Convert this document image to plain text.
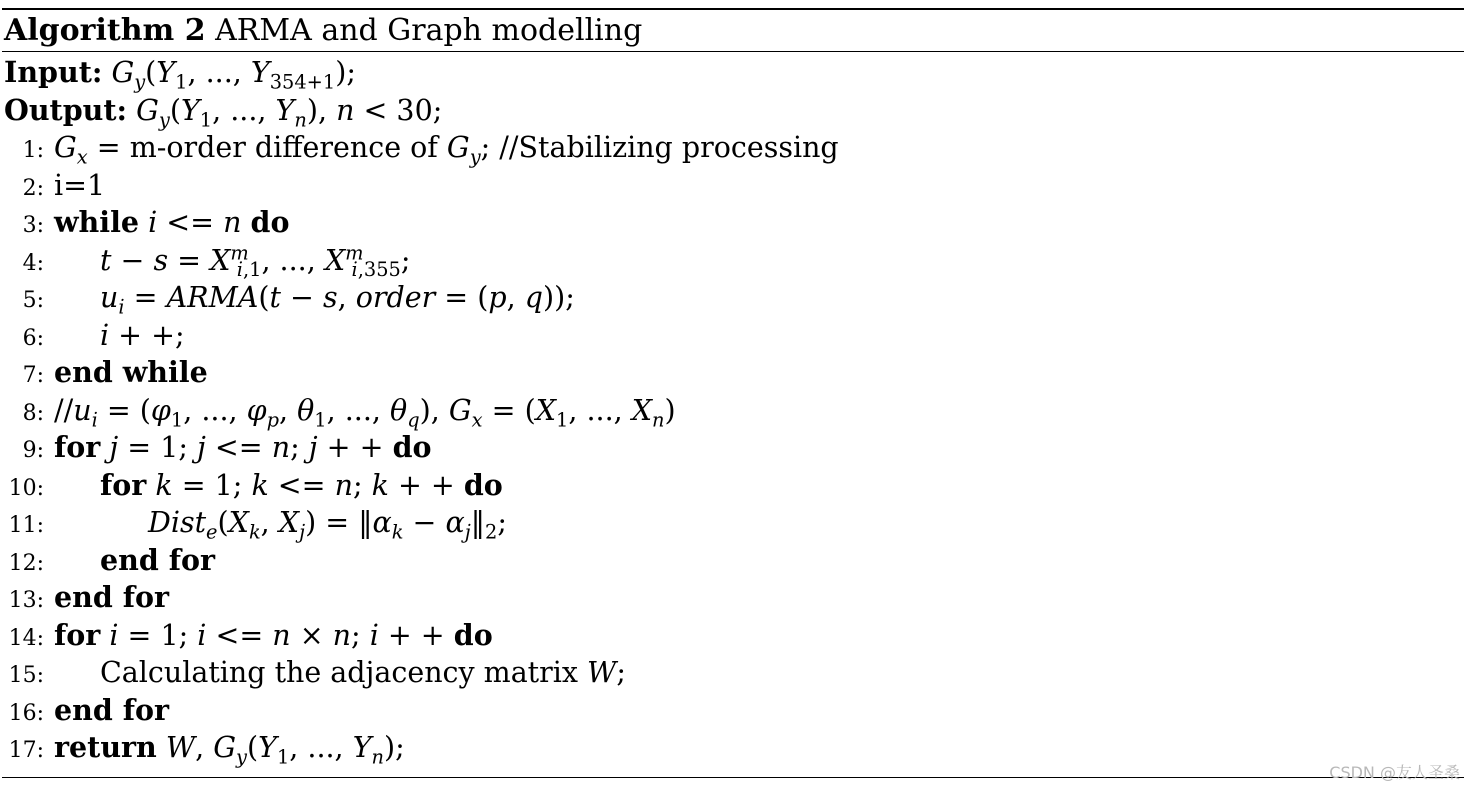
Algorithm 2 ARMA and Graph modelling
Input: $G_y(Y_1$, ..., $Y_{354+1}$);
Output: $G_y(Y_1$, ..., $Y_n$), n < 30;
1: $G_x$ = m-order difference of $G_y$; //Stabilizing processing
2: i=1
3: while i <= n do
4: $t - s = X^m_{i,1}$, ..., $X^m_{i,355}$;
5: $u_i$ = ARMA(t − s, order = (p, q));
6: i + +;
7: end while
8: $//u_i = (\varphi_1$, ..., $\varphi_p$, $\theta_1$, ..., $\theta_q$), $G_x = (X_1$, ..., $X_n$)
9: for j = 1; j <= n; j + + do
10: for k = 1; k <= n; k + + do
11:	$Dist_e(X_k$, $X_j$) = $‖\alpha_k$ − $\alpha_j‖_2$;
12: end for
13: end for
14: for i = 1; i <= n × n; i + + do
15: Calculating the adjacency matrix W;
16: end for
17: return W, $G_y(Y_1$, ..., $Y_n$);
CSDN @友人圣桑
